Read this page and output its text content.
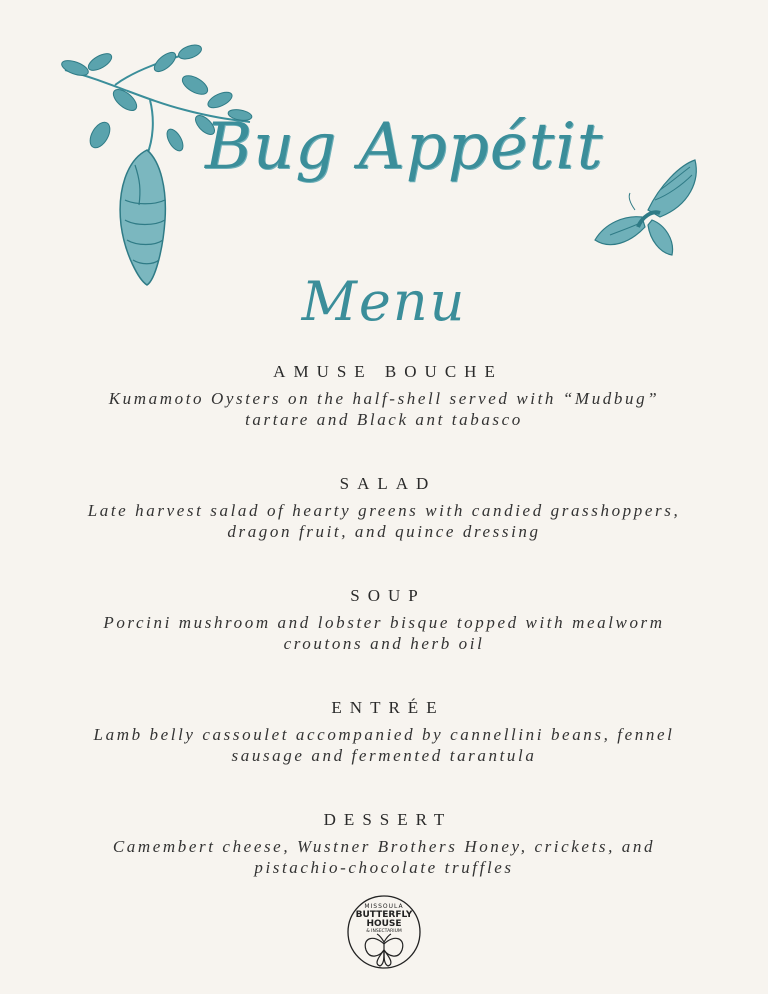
Bug Appétit
Menu
AMUSE BOUCHE
Kumamoto Oysters on the half-shell served with “Mudbug”
tartare and Black ant tabasco
SALAD
Late harvest salad of hearty greens with candied grasshoppers,
dragon fruit, and quince dressing
SOUP
Porcini mushroom and lobster bisque topped with mealworm
croutons and herb oil
ENTRÉE
Lamb belly cassoulet accompanied by cannellini beans, fennel
sausage and fermented tarantula
DESSERT
Camembert cheese, Wustner Brothers Honey, crickets, and
pistachio-chocolate truffles
MISSOULA
BUTTERFLY
HOUSE
& INSECTARIUM
